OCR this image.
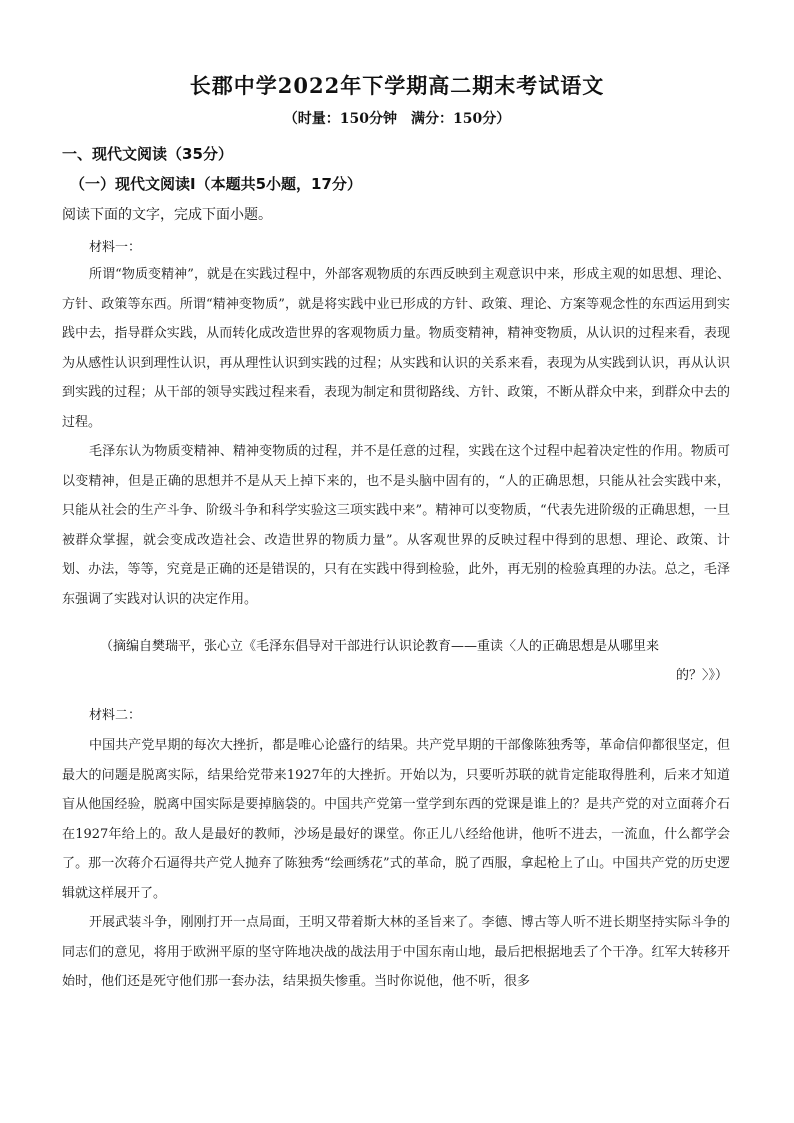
长郡中学2022年下学期高二期末考试语文
（时量：150分钟　满分：150分）
一、现代文阅读（35分）
（一）现代文阅读Ⅰ（本题共5小题，17分）
阅读下面的文字，完成下面小题。
材料一：

所谓“物质变精神”，就是在实践过程中，外部客观物质的东西反映到主观意识中来，形成主观的如思想、理论、方针、政策等东西。所谓“精神变物质”，就是将实践中业已形成的方针、政策、理论、方案等观念性的东西运用到实践中去，指导群众实践，从而转化成改造世界的客观物质力量。物质变精神，精神变物质，从认识的过程来看，表现为从感性认识到理性认识，再从理性认识到实践的过程；从实践和认识的关系来看，表现为从实践到认识，再从认识到实践的过程；从干部的领导实践过程来看，表现为制定和贯彻路线、方针、政策，不断从群众中来，到群众中去的过程。

毛泽东认为物质变精神、精神变物质的过程，并不是任意的过程，实践在这个过程中起着决定性的作用。物质可以变精神，但是正确的思想并不是从天上掉下来的，也不是头脑中固有的，“人的正确思想，只能从社会实践中来，只能从社会的生产斗争、阶级斗争和科学实验这三项实践中来”。精神可以变物质，“代表先进阶级的正确思想，一旦被群众掌握，就会变成改造社会、改造世界的物质力量”。从客观世界的反映过程中得到的思想、理论、政策、计划、办法，等等，究竟是正确的还是错误的，只有在实践中得到检验，此外，再无别的检验真理的办法。总之，毛泽东强调了实践对认识的决定作用。

（摘编自樊瑞平，张心立《毛泽东倡导对干部进行认识论教育——重读〈人的正确思想是从哪里来
的？〉》）
材料二：

中国共产党早期的每次大挫折，都是唯心论盛行的结果。共产党早期的干部像陈独秀等，革命信仰都很坚定，但最大的问题是脱离实际，结果给党带来1927年的大挫折。开始以为，只要听苏联的就肯定能取得胜利，后来才知道盲从他国经验，脱离中国实际是要掉脑袋的。中国共产党第一堂学到东西的党课是谁上的？是共产党的对立面蒋介石在1927年给上的。敌人是最好的教师，沙场是最好的课堂。你正儿八经给他讲，他听不进去，一流血，什么都学会了。那一次蒋介石逼得共产党人抛弃了陈独秀“绘画绣花”式的革命，脱了西服，拿起枪上了山。中国共产党的历史逻辑就这样展开了。

开展武装斗争，刚刚打开一点局面，王明又带着斯大林的圣旨来了。李德、博古等人听不进长期坚持实际斗争的同志们的意见，将用于欧洲平原的坚守阵地决战的战法用于中国东南山地，最后把根据地丢了个干净。红军大转移开始时，他们还是死守他们那一套办法，结果损失惨重。当时你说他，他不听，很多
